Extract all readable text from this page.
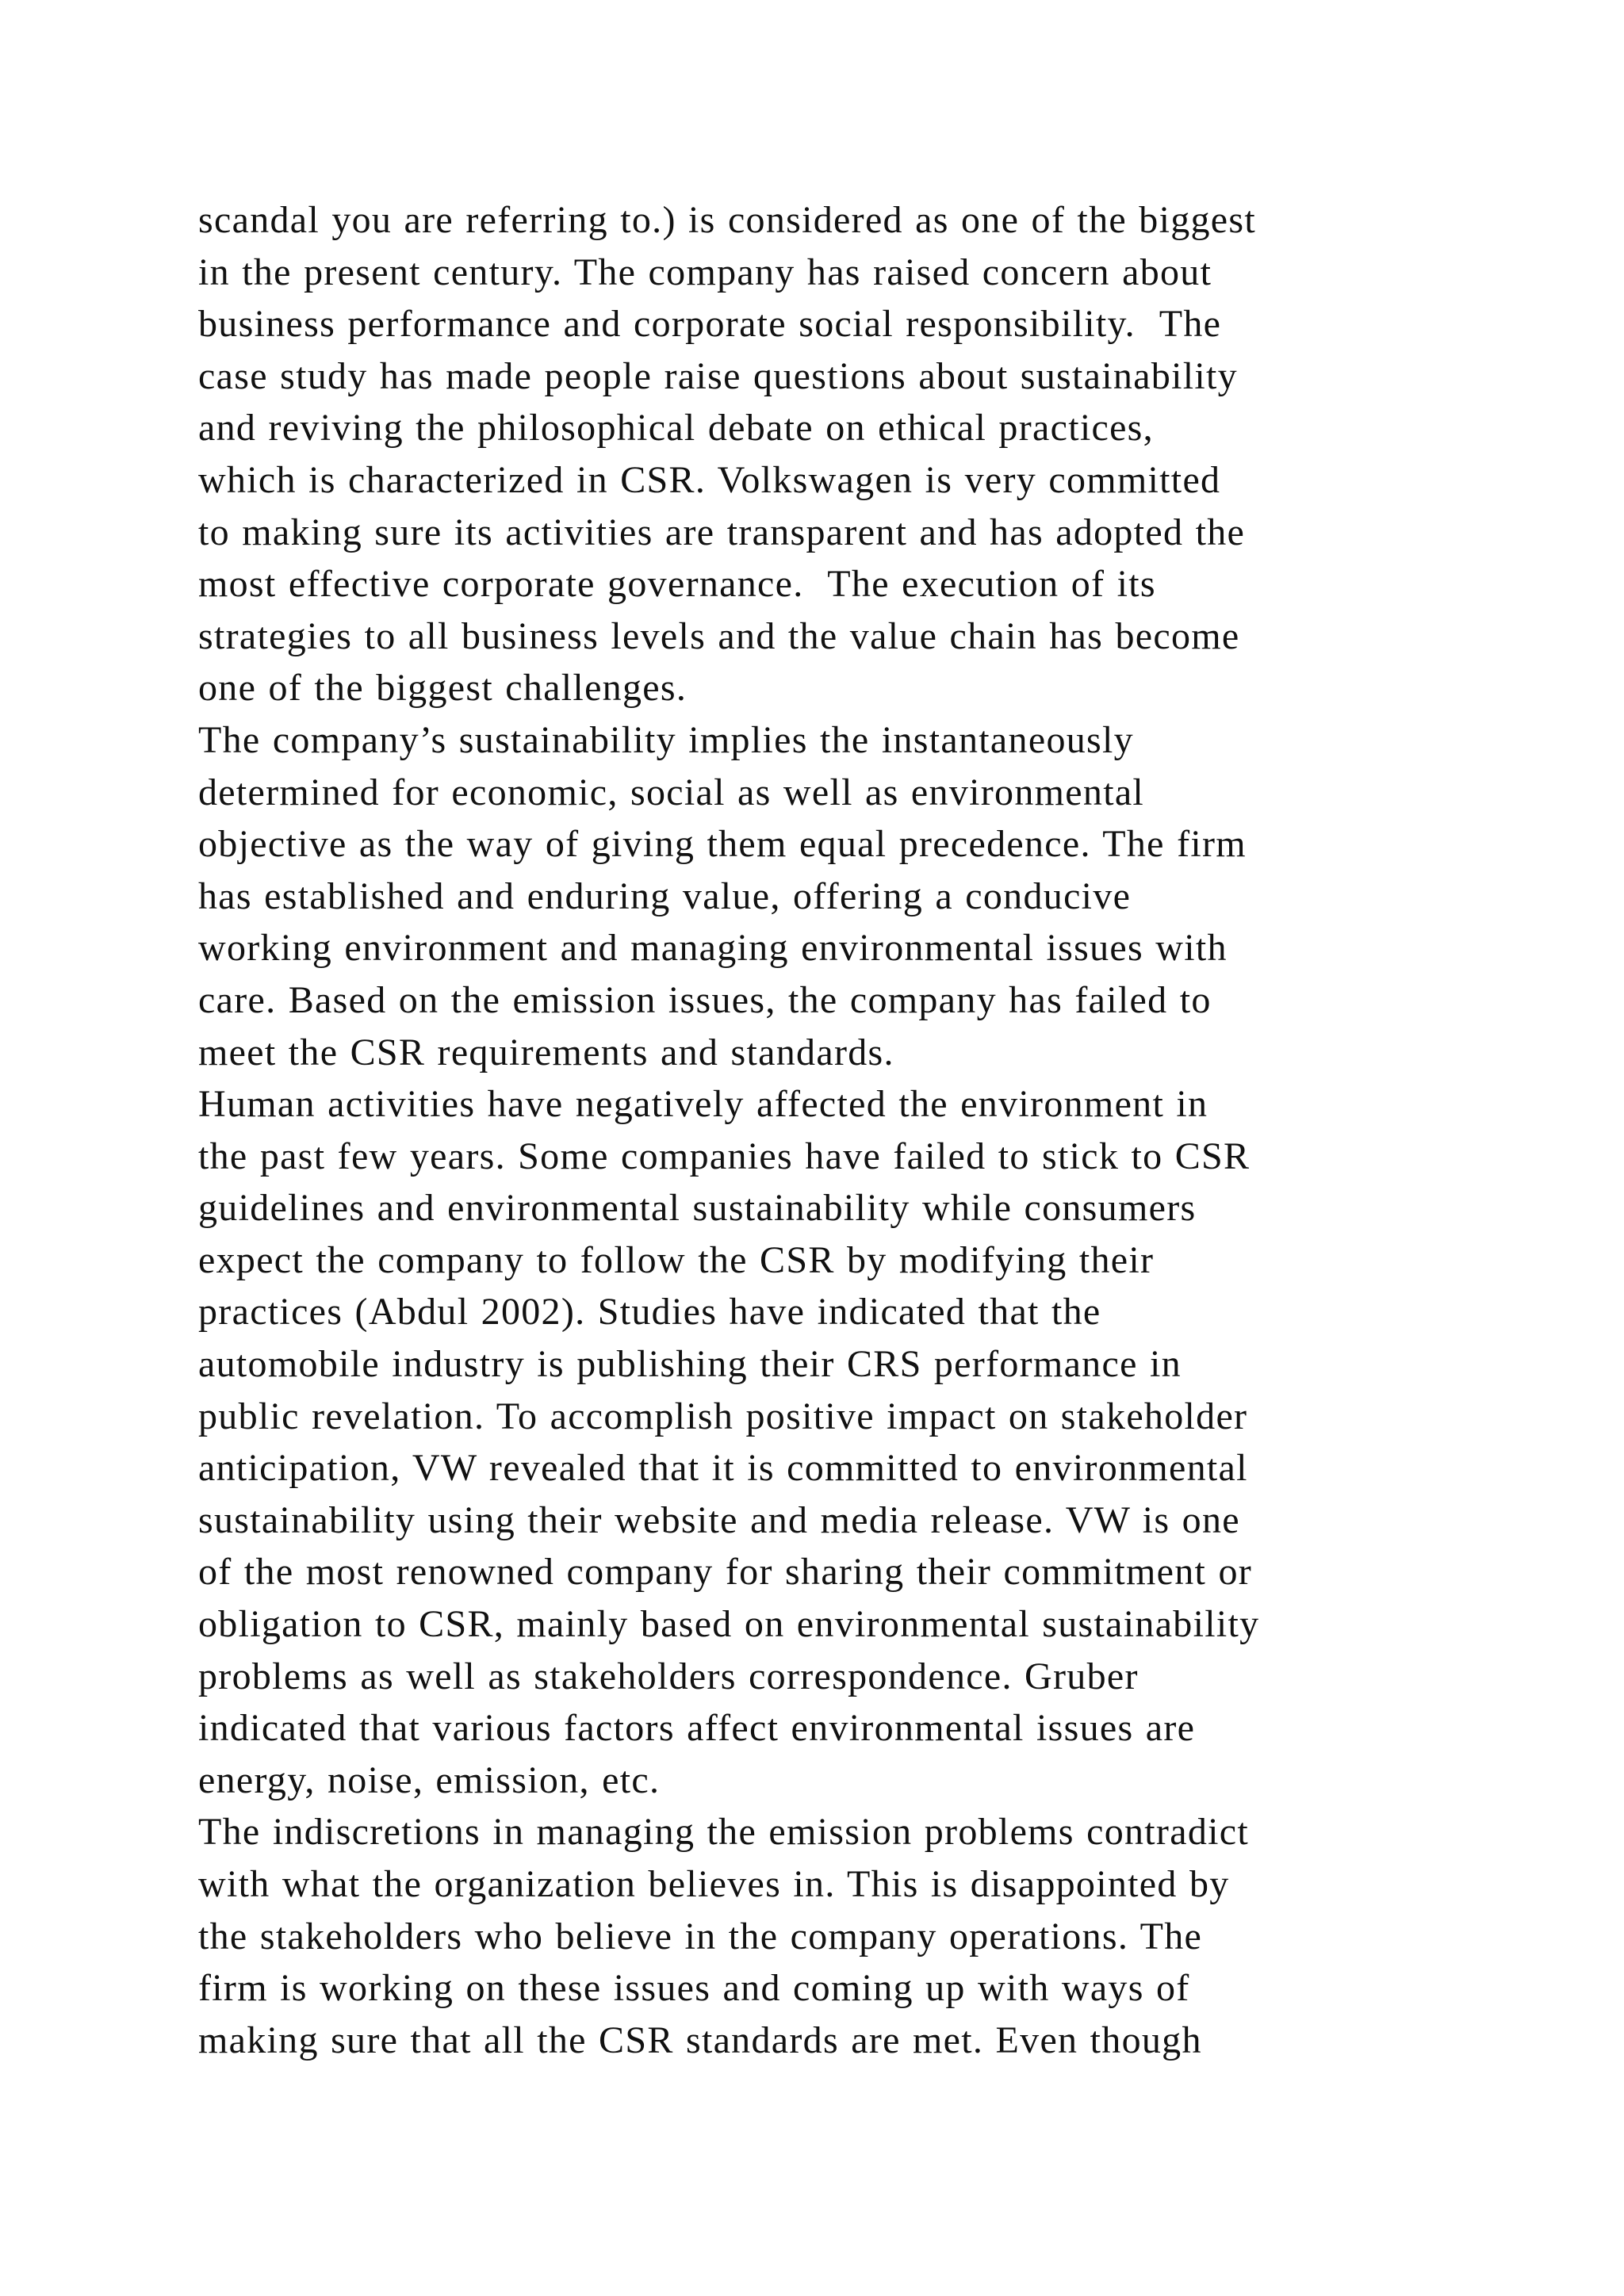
scandal you are referring to.) is considered as one of the biggest
in the present century. The company has raised concern about
business performance and corporate social responsibility.  The
case study has made people raise questions about sustainability
and reviving the philosophical debate on ethical practices,
which is characterized in CSR. Volkswagen is very committed
to making sure its activities are transparent and has adopted the
most effective corporate governance.  The execution of its
strategies to all business levels and the value chain has become
one of the biggest challenges.
The company’s sustainability implies the instantaneously
determined for economic, social as well as environmental
objective as the way of giving them equal precedence. The firm
has established and enduring value, offering a conducive
working environment and managing environmental issues with
care. Based on the emission issues, the company has failed to
meet the CSR requirements and standards.
Human activities have negatively affected the environment in
the past few years. Some companies have failed to stick to CSR
guidelines and environmental sustainability while consumers
expect the company to follow the CSR by modifying their
practices (Abdul 2002). Studies have indicated that the
automobile industry is publishing their CRS performance in
public revelation. To accomplish positive impact on stakeholder
anticipation, VW revealed that it is committed to environmental
sustainability using their website and media release. VW is one
of the most renowned company for sharing their commitment or
obligation to CSR, mainly based on environmental sustainability
problems as well as stakeholders correspondence. Gruber
indicated that various factors affect environmental issues are
energy, noise, emission, etc.
The indiscretions in managing the emission problems contradict
with what the organization believes in. This is disappointed by
the stakeholders who believe in the company operations. The
firm is working on these issues and coming up with ways of
making sure that all the CSR standards are met. Even though
